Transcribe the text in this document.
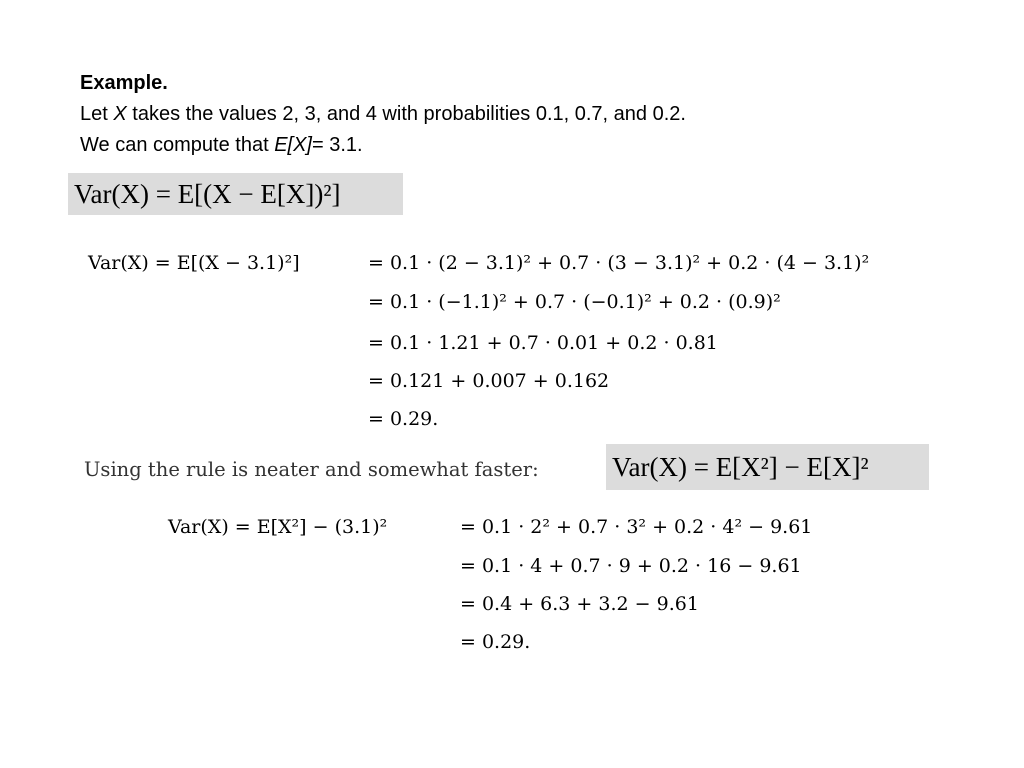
Example.
Let X takes the values 2, 3, and 4 with probabilities 0.1, 0.7, and 0.2.
We can compute that E[X]= 3.1.
Var(X) = E[(X − E[X])²]
Var(X) = E[(X − 3.1)²]	= 0.1 · (2 − 3.1)² + 0.7 · (3 − 3.1)² + 0.2 · (4 − 3.1)²
= 0.1 · (−1.1)² + 0.7 · (−0.1)² + 0.2 · (0.9)²
= 0.1 · 1.21 + 0.7 · 0.01 + 0.2 · 0.81
= 0.121 + 0.007 + 0.162
= 0.29.
Using the rule is neater and somewhat faster:	Var(X) = E[X²] − E[X]²
Var(X) = E[X²] − (3.1)²	= 0.1 · 2² + 0.7 · 3² + 0.2 · 4² − 9.61
= 0.1 · 4 + 0.7 · 9 + 0.2 · 16 − 9.61
= 0.4 + 6.3 + 3.2 − 9.61
= 0.29.
